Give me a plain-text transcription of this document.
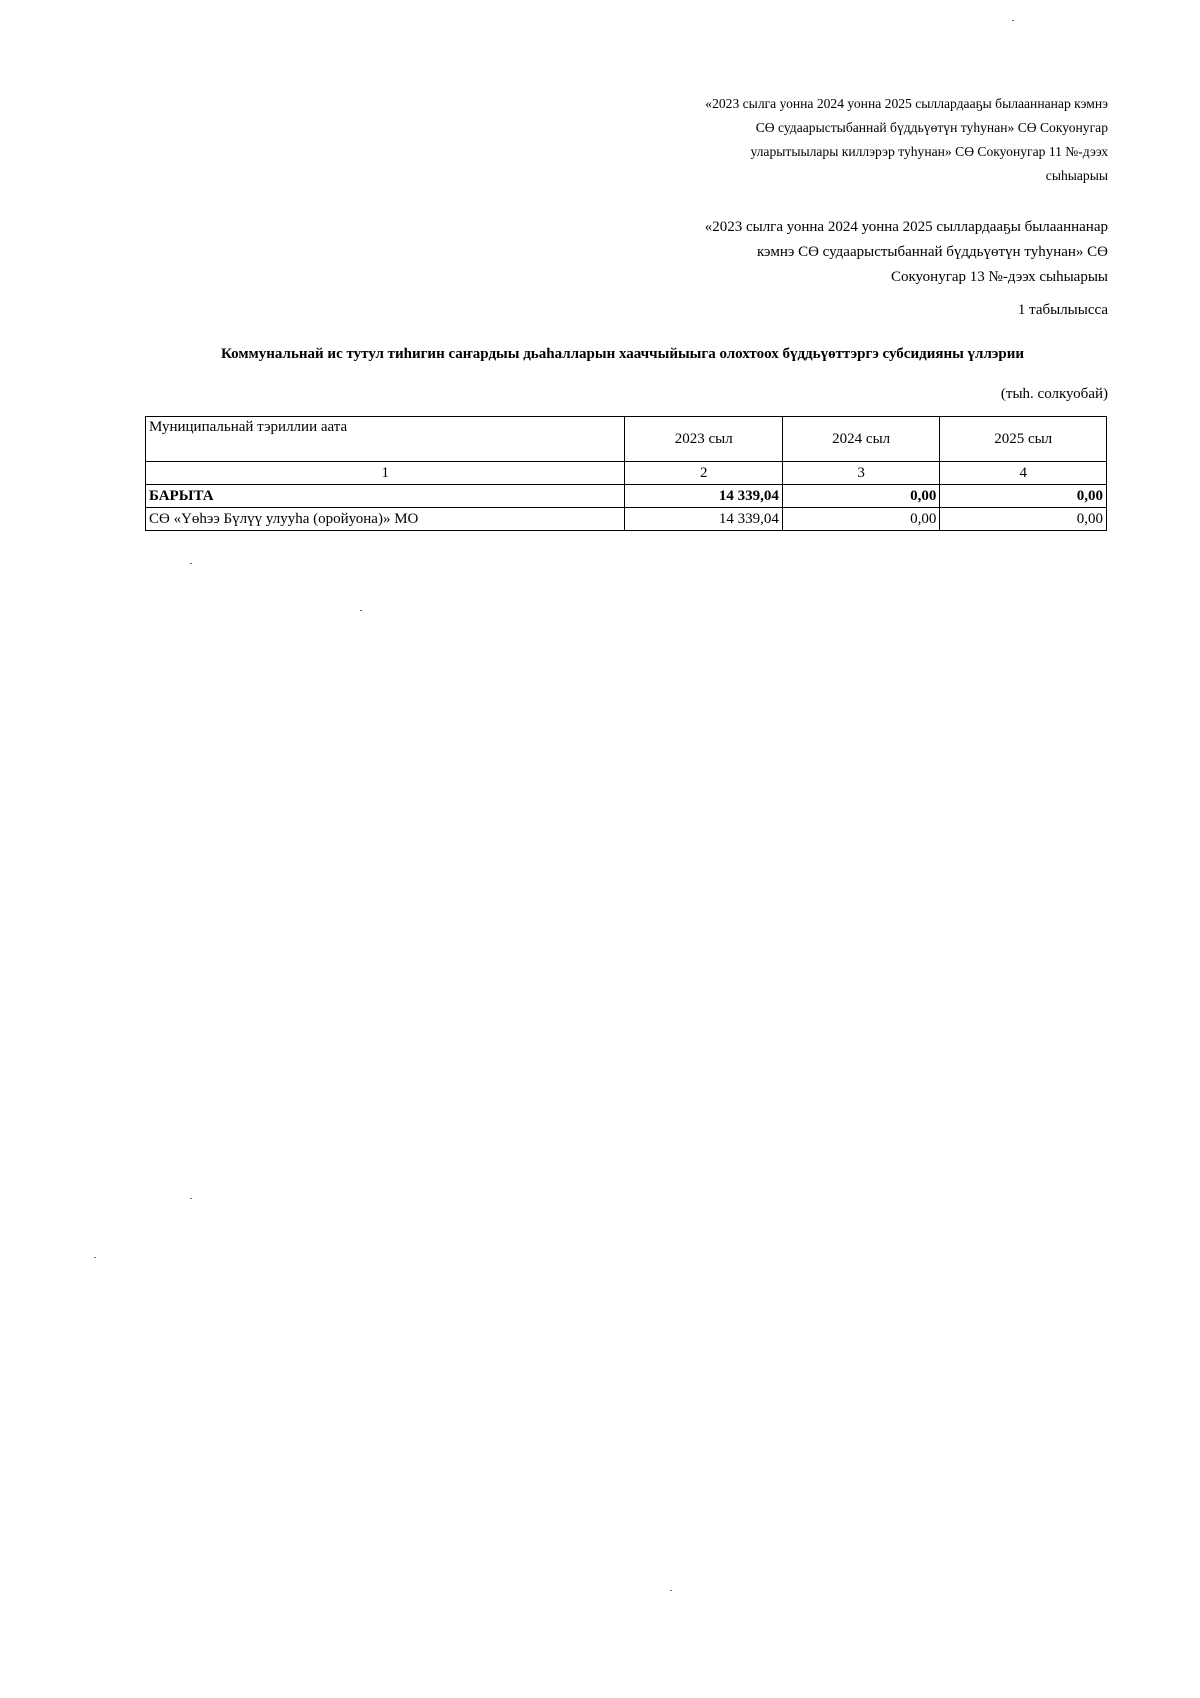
«2023 сылга уонна 2024 уонна 2025 сыллардааҕы былааннанар кэмнэ
СӨ судаарыстыбаннай бүддьүөтүн туһунан» СӨ Сокуонугар
уларытыылары киллэрэр туһунан» СӨ Сокуонугар 11 №-дээх
сыһыарыы
«2023 сылга уонна 2024 уонна 2025 сыллардааҕы былааннанар
кэмнэ СӨ судаарыстыбаннай бүддьүөтүн туһунан» СӨ
Сокуонугар 13 №-дээх сыһыарыы
1 табылыысса
Коммунальнай ис тутул тиһигин саҥардыы дьаһалларын хааччыйыыга олохтоох бүддьүөттэргэ субсидияны үллэрии
(тыһ. солкуобай)
Муниципальнай тэриллии аата	2023 сыл	2024 сыл	2025 сыл
1	2	3	4
БАРЫТА	14 339,04	0,00	0,00
СӨ «Үөһээ Бүлүү улууһа (оройуона)» МО	14 339,04	0,00	0,00
